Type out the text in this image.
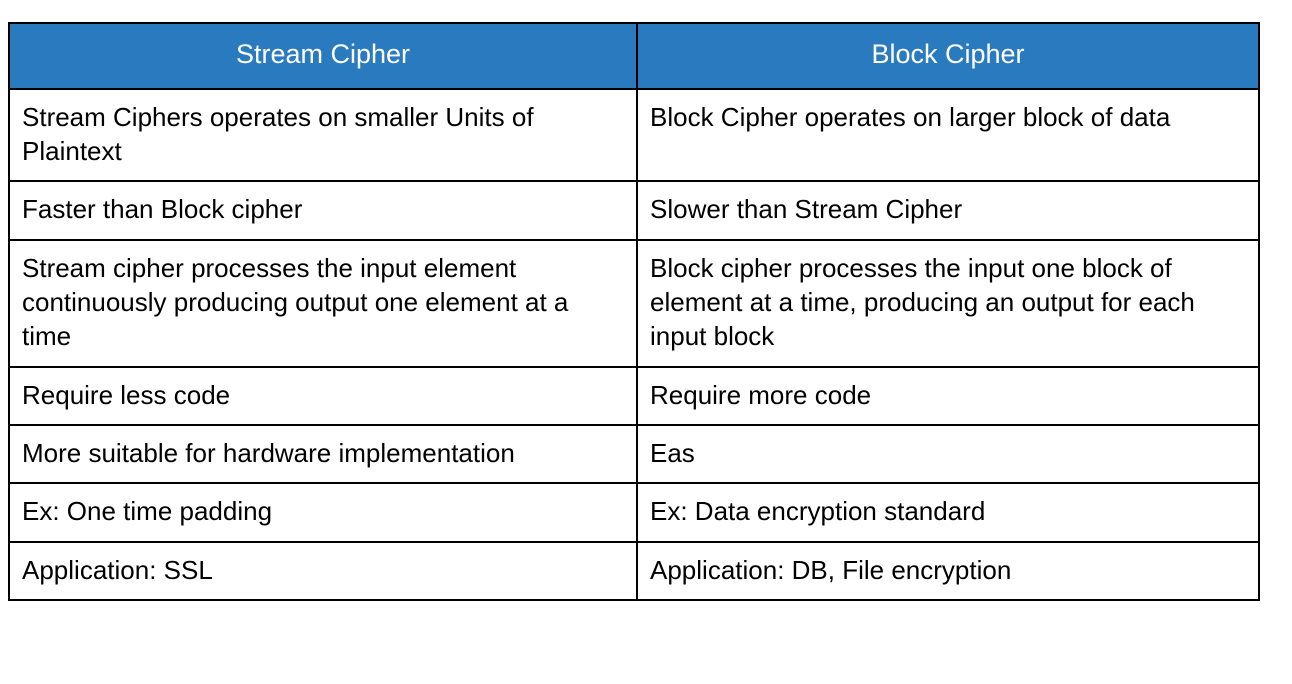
Stream Cipher	Block Cipher
Stream Ciphers operates on smaller Units of Plaintext	Block Cipher operates on larger block of data
Faster than Block cipher	Slower than Stream Cipher
Stream cipher processes the input element continuously producing output one element at a time	Block cipher processes the input one block of element at a time, producing an output for each input block
Require less code	Require more code
More suitable for hardware implementation	Eas
Ex: One time padding	Ex: Data encryption standard
Application: SSL	Application: DB, File encryption
